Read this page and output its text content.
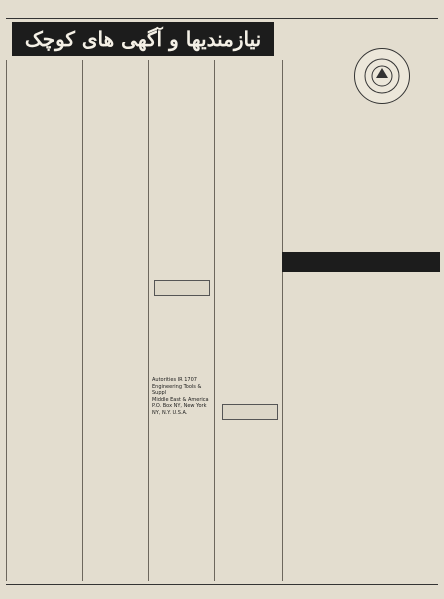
نیازمندیها و آگهی های کوچک
Autorities IR 1707
Engineering Tools & Suppl
Middle East & America
P.O. Box NY, New York
NY, N.Y. U.S.A.
